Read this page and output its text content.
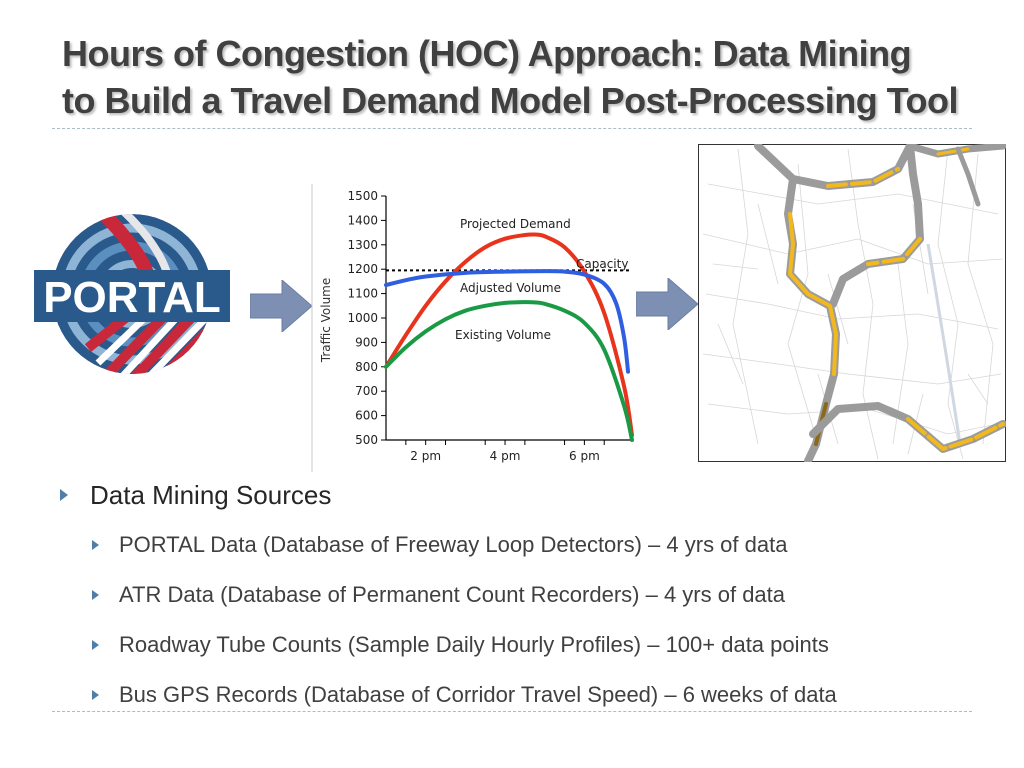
Hours of Congestion (HOC) Approach: Data Mining
to Build a Travel Demand Model Post-Processing Tool
PORTAL	Traffic Volume
500
600
700
800
900
1000
1100
1200
1300
1400
1500
2 pm	4 pm	6 pm
Projected Demand
Capacity
Adjusted Volume
Existing Volume
Data Mining Sources
PORTAL Data (Database of Freeway Loop Detectors) – 4 yrs of data
ATR Data (Database of Permanent Count Recorders) – 4 yrs of data
Roadway Tube Counts (Sample Daily Hourly Profiles) – 100+ data points
Bus GPS Records (Database of Corridor Travel Speed) – 6 weeks of data
